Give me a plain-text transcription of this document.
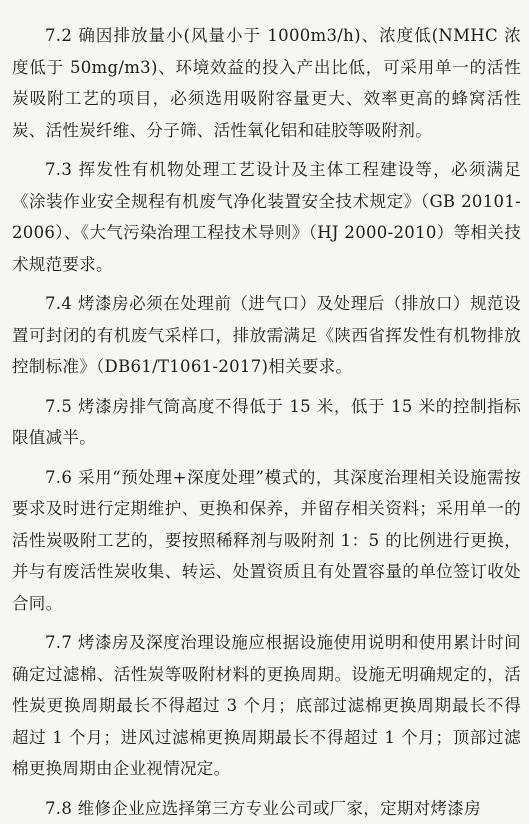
7.2 确因排放量小(风量小于 1000m3/h)、浓度低(NMHC 浓度低于 50mg/m3)、环境效益的投入产出比低，可采用单一的活性炭吸附工艺的项目，必须选用吸附容量更大、效率更高的蜂窝活性炭、活性炭纤维、分子筛、活性氧化铝和硅胶等吸附剂。

7.3 挥发性有机物处理工艺设计及主体工程建设等，必须满足《涂装作业安全规程有机废气净化装置安全技术规定》（GB 20101-2006）、《大气污染治理工程技术导则》（HJ 2000-2010）等相关技术规范要求。

7.4 烤漆房必须在处理前（进气口）及处理后（排放口）规范设置可封闭的有机废气采样口，排放需满足《陕西省挥发性有机物排放控制标准》（DB61/T1061-2017)相关要求。

7.5 烤漆房排气筒高度不得低于 15 米，低于 15 米的控制指标限值减半。

7.6 采用“预处理+深度处理”模式的，其深度治理相关设施需按要求及时进行定期维护、更换和保养，并留存相关资料；采用单一的活性炭吸附工艺的，要按照稀释剂与吸附剂 1：5 的比例进行更换，并与有废活性炭收集、转运、处置资质且有处置容量的单位签订收处合同。

7.7 烤漆房及深度治理设施应根据设施使用说明和使用累计时间确定过滤棉、活性炭等吸附材料的更换周期。设施无明确规定的，活性炭更换周期最长不得超过 3 个月；底部过滤棉更换周期最长不得超过 1 个月；进风过滤棉更换周期最长不得超过 1 个月；顶部过滤棉更换周期由企业视情况定。

7.8 维修企业应选择第三方专业公司或厂家，定期对烤漆房
